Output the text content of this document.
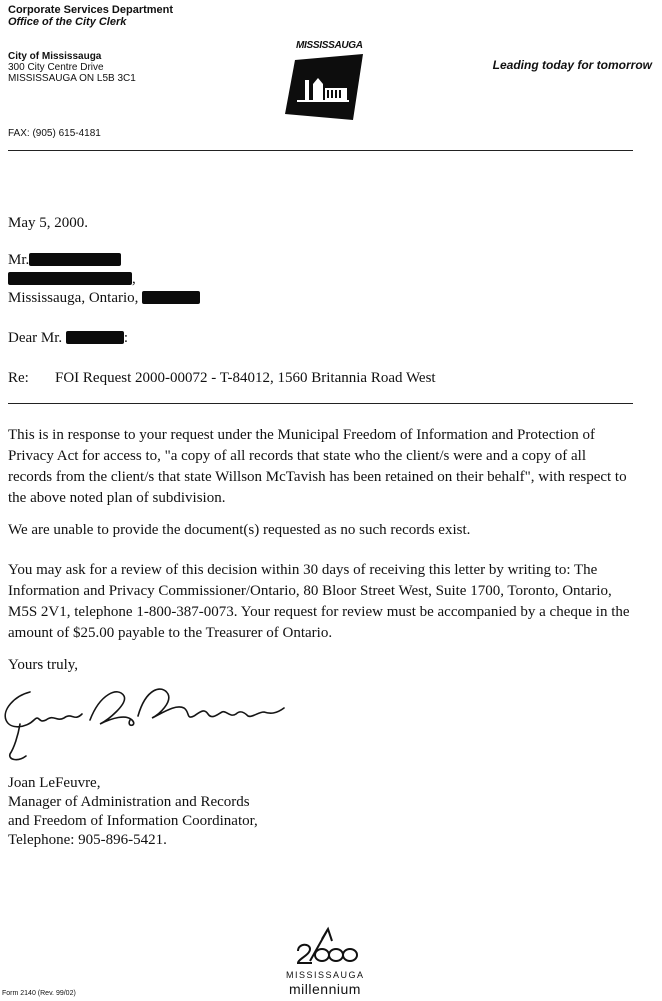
Corporate Services Department
Office of the City Clerk
City of Mississauga
300 City Centre Drive
MISSISSAUGA ON L5B 3C1
FAX: (905) 615-4181
MISSISSAUGA
Leading today for tomorrow
May 5, 2000.
Mr.
,
Mississauga, Ontario,
Dear Mr.	:
Re: FOI Request 2000-00072 - T-84012, 1560 Britannia Road West
This is in response to your request under the Municipal Freedom of Information and Protection of Privacy Act for access to, "a copy of all records that state who the client/s were and a copy of all records from the client/s that state Willson McTavish has been retained on their behalf", with respect to the above noted plan of subdivision.
We are unable to provide the document(s) requested as no such records exist.
You may ask for a review of this decision within 30 days of receiving this letter by writing to: The Information and Privacy Commissioner/Ontario, 80 Bloor Street West, Suite 1700, Toronto, Ontario, M5S 2V1, telephone 1-800-387-0073. Your request for review must be accompanied by a cheque in the amount of $25.00 payable to the Treasurer of Ontario.
Yours truly,
Joan LeFeuvre,
Manager of Administration and Records
and Freedom of Information Coordinator,
Telephone: 905-896-5421.
Form 2140 (Rev. 99/02)
MISSISSAUGA
millennium
